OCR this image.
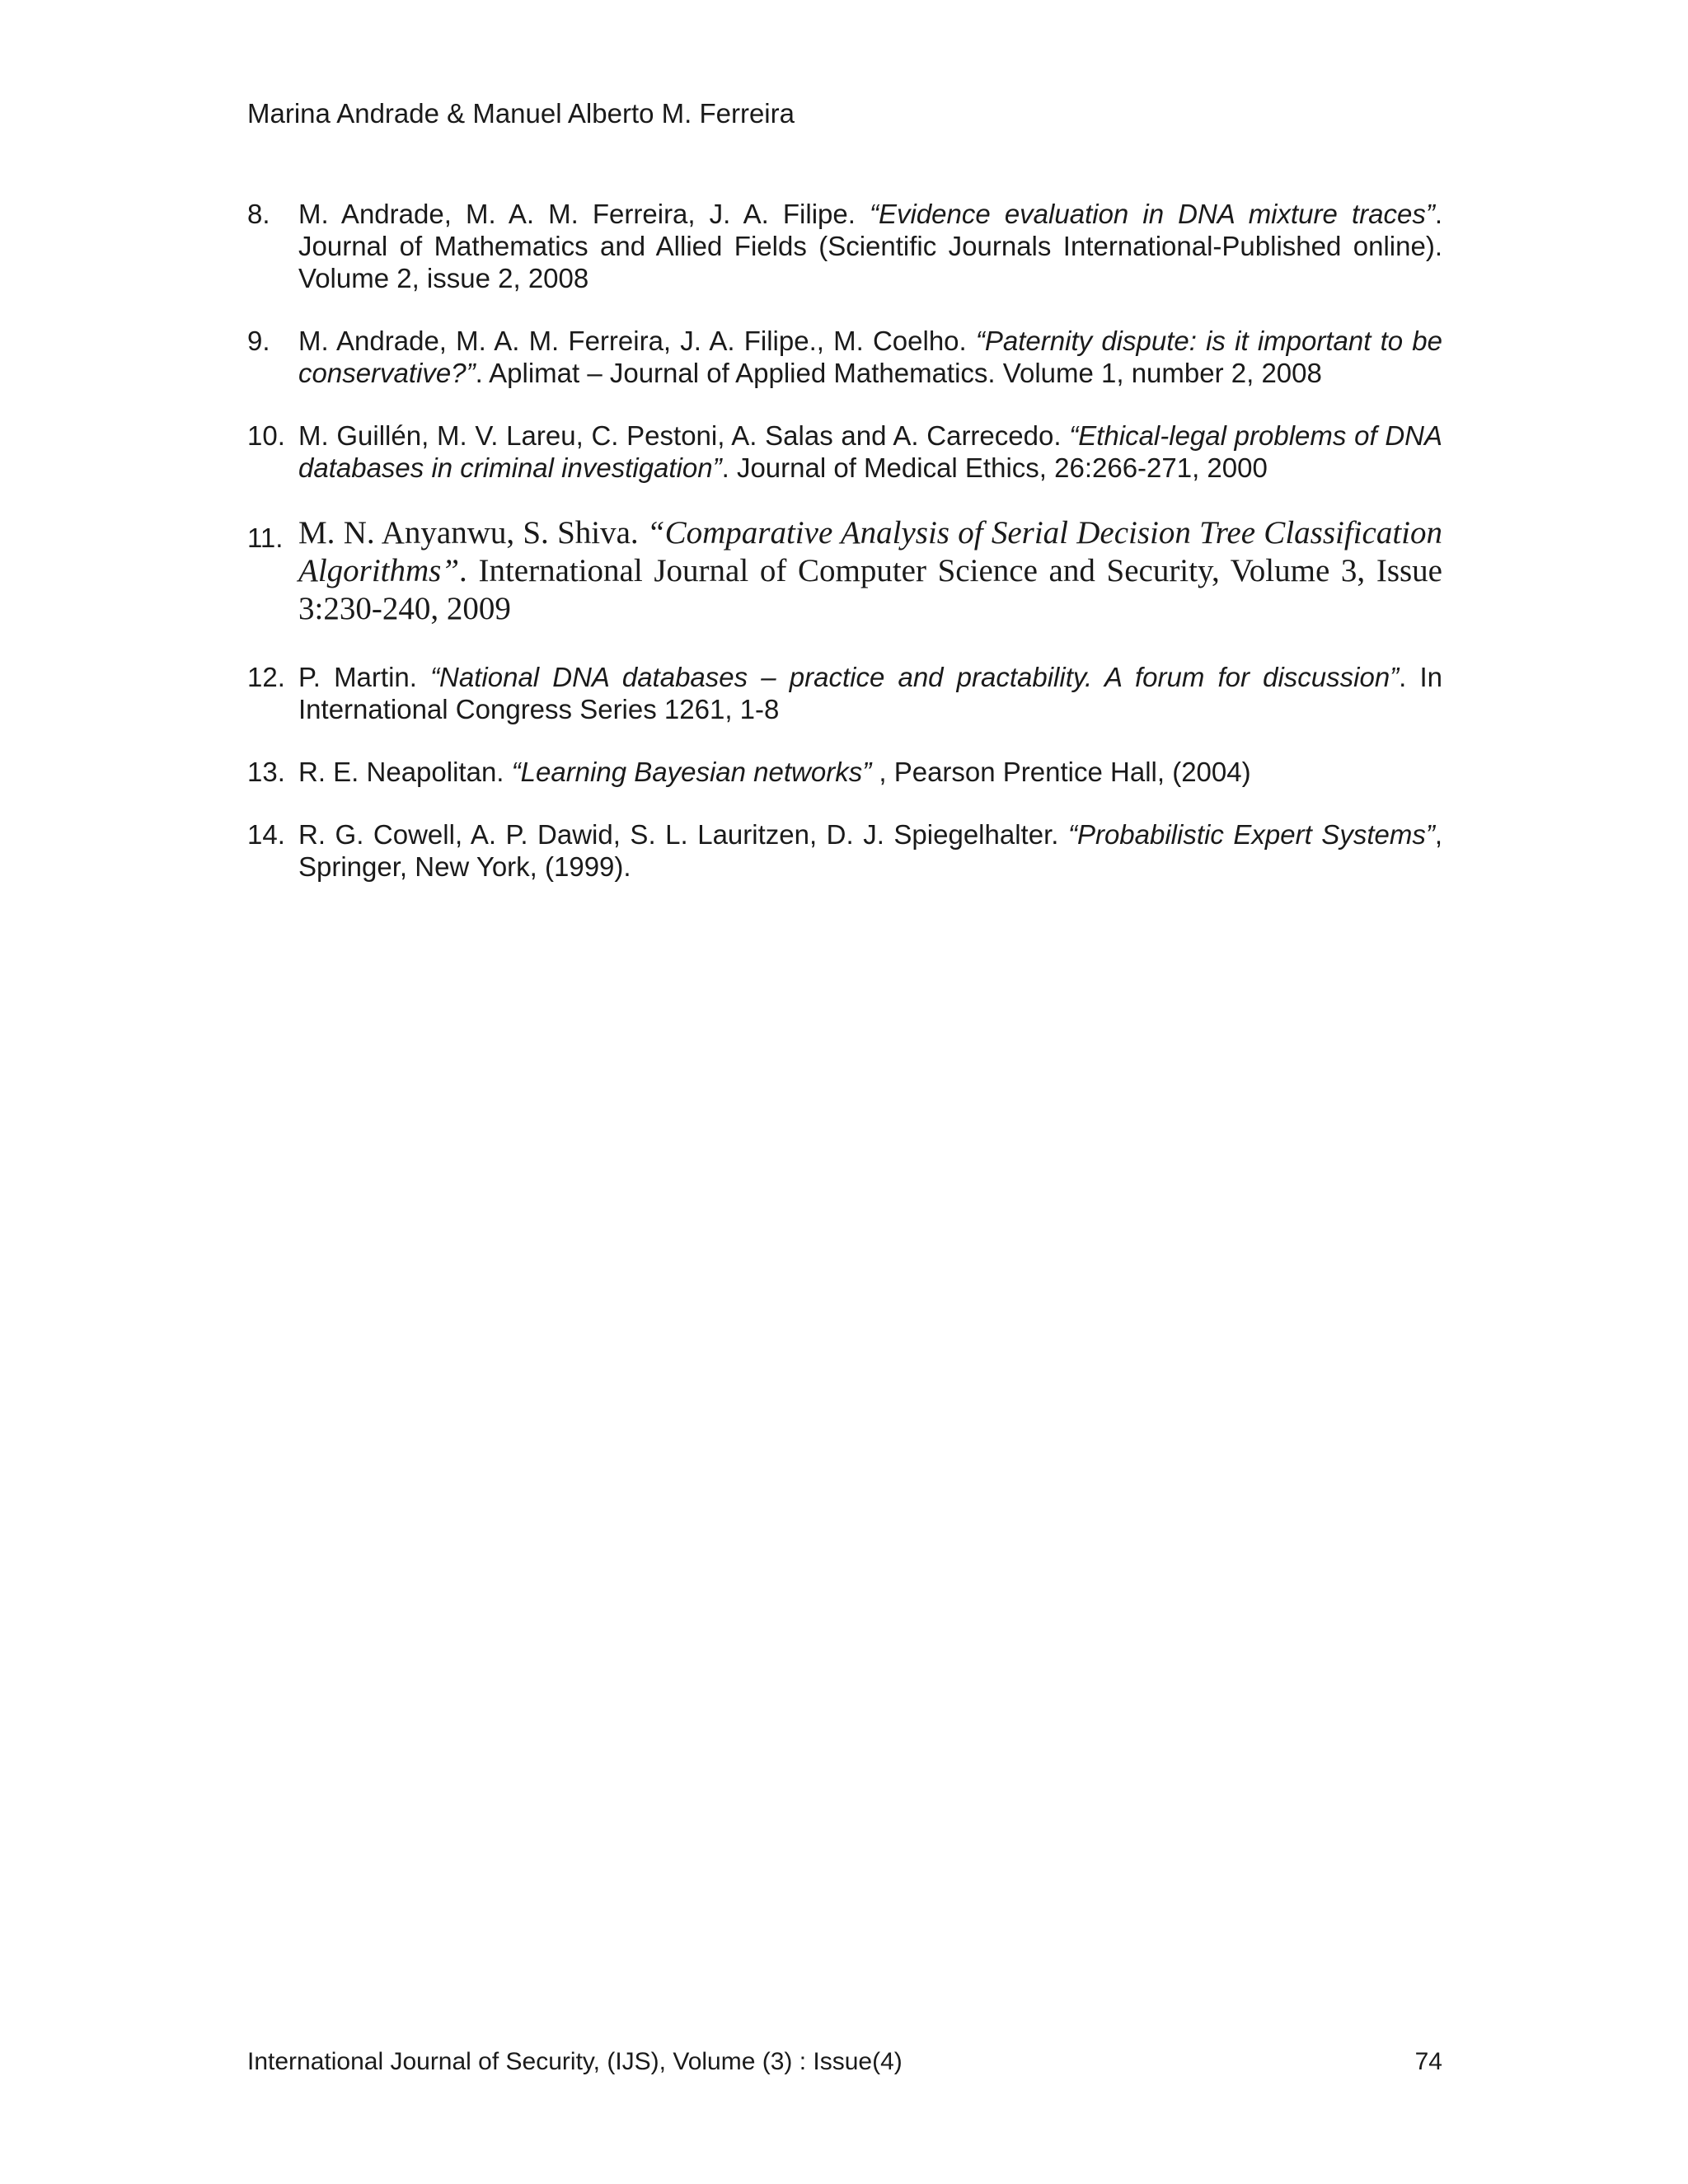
Marina Andrade & Manuel Alberto M. Ferreira
8. M. Andrade, M. A. M. Ferreira, J. A. Filipe. “Evidence evaluation in DNA mixture traces”. Journal of Mathematics and Allied Fields (Scientific Journals International-Published online). Volume 2, issue 2, 2008
9. M. Andrade, M. A. M. Ferreira, J. A. Filipe., M. Coelho. “Paternity dispute: is it important to be conservative?”. Aplimat – Journal of Applied Mathematics. Volume 1, number 2, 2008
10. M. Guillén, M. V. Lareu, C. Pestoni, A. Salas and A. Carrecedo. “Ethical-legal problems of DNA databases in criminal investigation”. Journal of Medical Ethics, 26:266-271, 2000
11. M. N. Anyanwu, S. Shiva. “Comparative Analysis of Serial Decision Tree Classification Algorithms”. International Journal of Computer Science and Security, Volume 3, Issue 3:230-240, 2009
12. P. Martin. “National DNA databases – practice and practability. A forum for discussion”. In International Congress Series 1261, 1-8
13. R. E. Neapolitan. “Learning Bayesian networks” , Pearson Prentice Hall, (2004)
14. R. G. Cowell, A. P. Dawid, S. L. Lauritzen, D. J. Spiegelhalter. “Probabilistic Expert Systems”, Springer, New York, (1999).
International Journal of Security, (IJS), Volume (3) : Issue(4)	74
